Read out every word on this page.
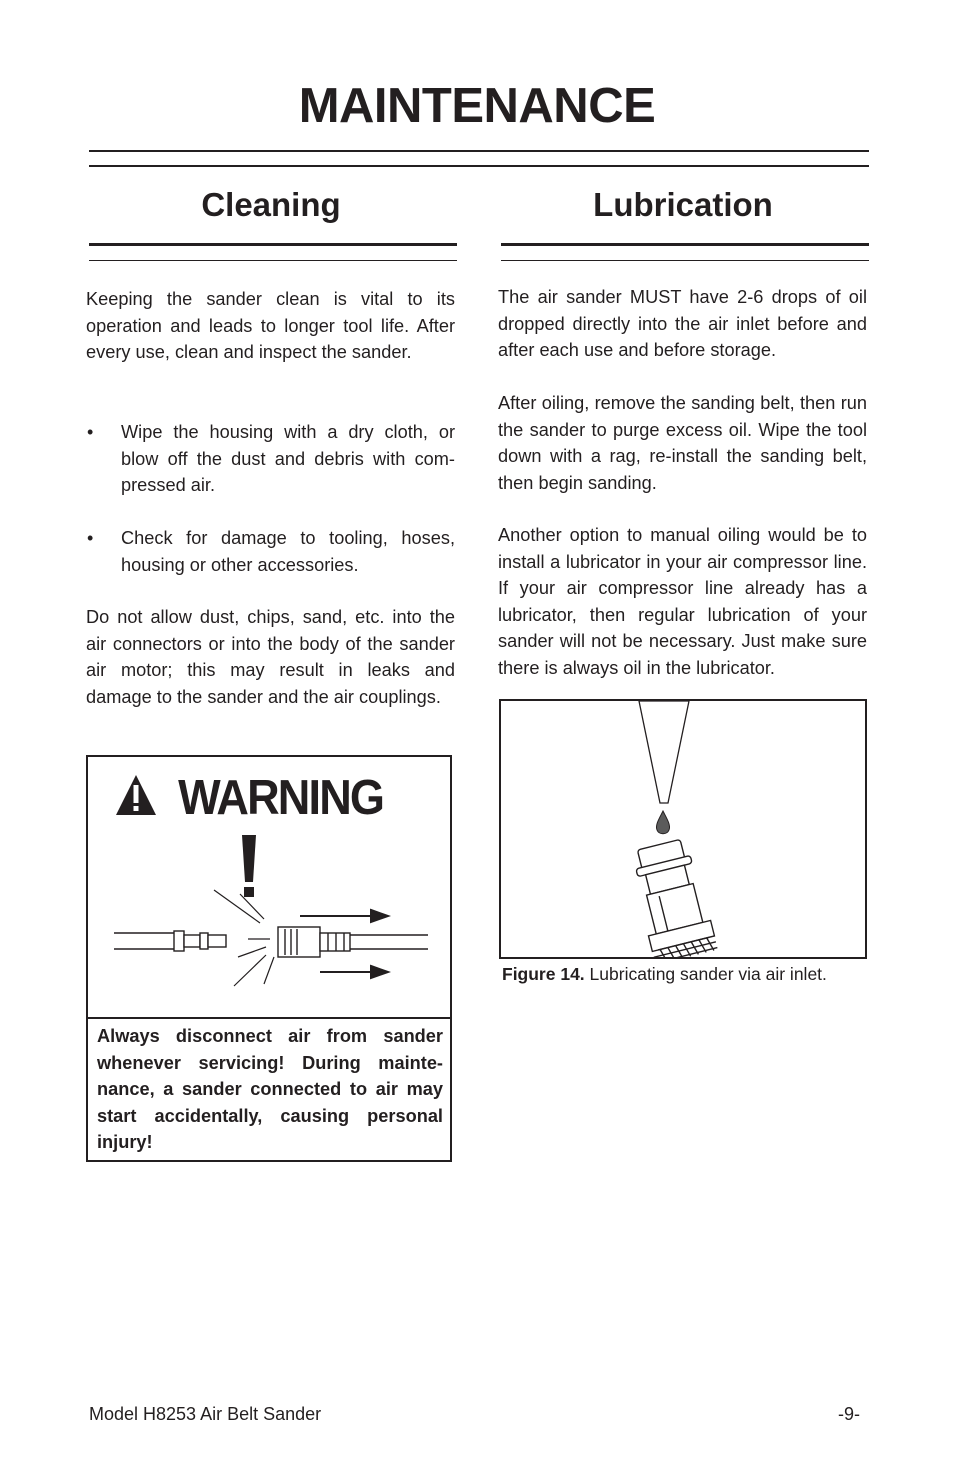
MAINTENANCE
Cleaning

Keeping the sander clean is vital to its operation and leads to longer tool life. After every use, clean and inspect the sander.

• Wipe the housing with a dry cloth, or blow off the dust and debris with com-pressed air.

• Check for damage to tooling, hoses, housing or other accessories.

Do not allow dust, chips, sand, etc. into the air connectors or into the body of the sander air motor; this may result in leaks and damage to the sander and the air couplings.

WARNING

Always disconnect air from sander whenever servicing! During mainte-nance, a sander connected to air may start accidentally, causing personal injury!

Lubrication

The air sander MUST have 2-6 drops of oil dropped directly into the air inlet before and after each use and before storage.

After oiling, remove the sanding belt, then run the sander to purge excess oil. Wipe the tool down with a rag, re-install the sanding belt, then begin sanding.

Another option to manual oiling would be to install a lubricator in your air compressor line. If your air compressor line already has a lubricator, then regular lubrication of your sander will not be necessary. Just make sure there is always oil in the lubricator.

Figure 14. Lubricating sander via air inlet.

Model H8253 Air Belt Sander	-9-
